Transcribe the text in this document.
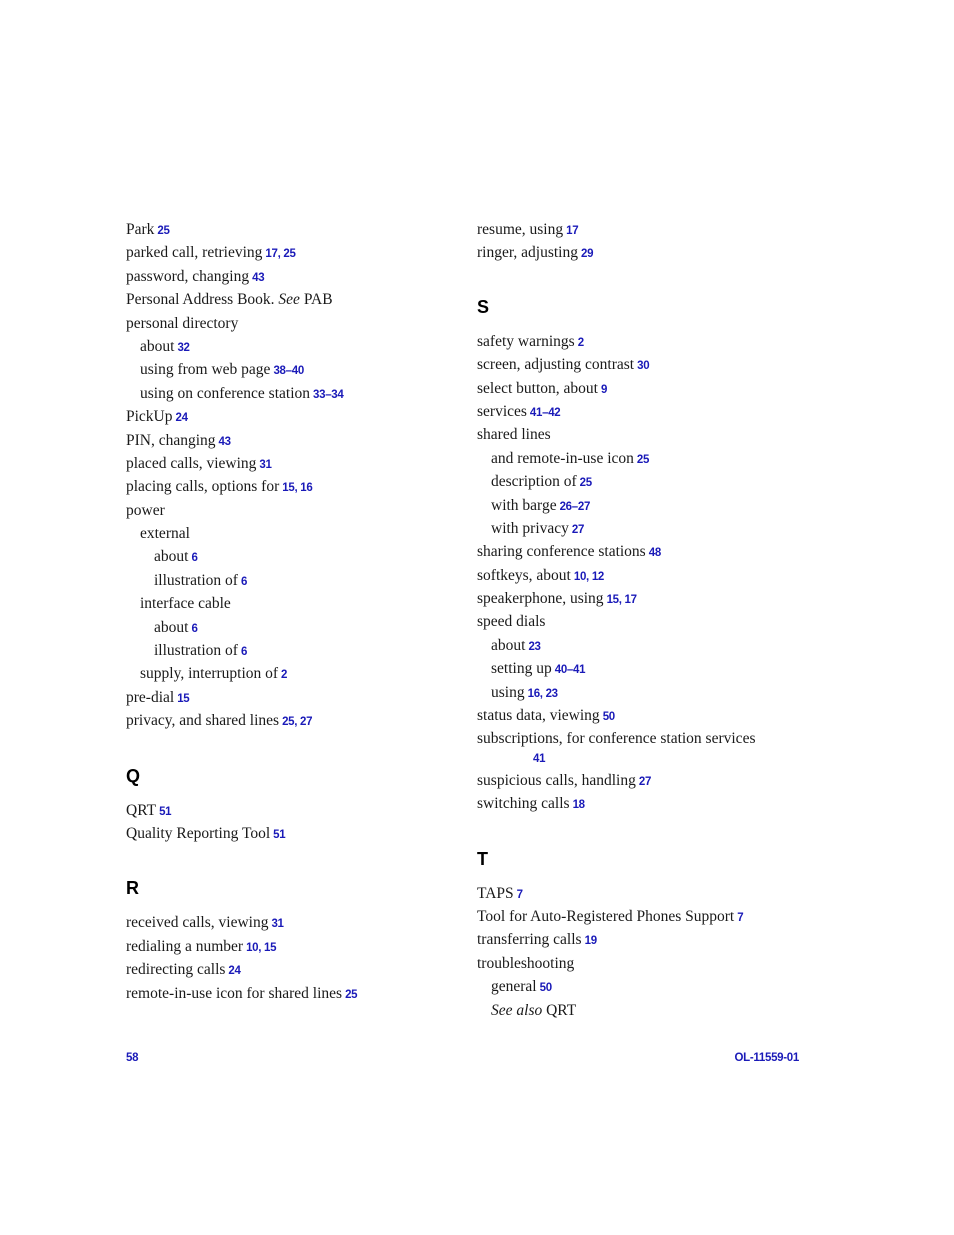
Park 25
parked call, retrieving 17, 25
password, changing 43
Personal Address Book. See PAB
personal directory
about 32
using from web page 38–40
using on conference station 33–34
PickUp 24
PIN, changing 43
placed calls, viewing 31
placing calls, options for 15, 16
power
external
about 6
illustration of 6
interface cable
about 6
illustration of 6
supply, interruption of 2
pre-dial 15
privacy, and shared lines 25, 27
Q
QRT 51
Quality Reporting Tool 51
R
received calls, viewing 31
redialing a number 10, 15
redirecting calls 24
remote-in-use icon for shared lines 25
resume, using 17
ringer, adjusting 29
S
safety warnings 2
screen, adjusting contrast 30
select button, about 9
services 41–42
shared lines
and remote-in-use icon 25
description of 25
with barge 26–27
with privacy 27
sharing conference stations 48
softkeys, about 10, 12
speakerphone, using 15, 17
speed dials
about 23
setting up 40–41
using 16, 23
status data, viewing 50
subscriptions, for conference station services
41
suspicious calls, handling 27
switching calls 18
T
TAPS 7
Tool for Auto-Registered Phones Support 7
transferring calls 19
troubleshooting
general 50
See also QRT
58	OL-11559-01
